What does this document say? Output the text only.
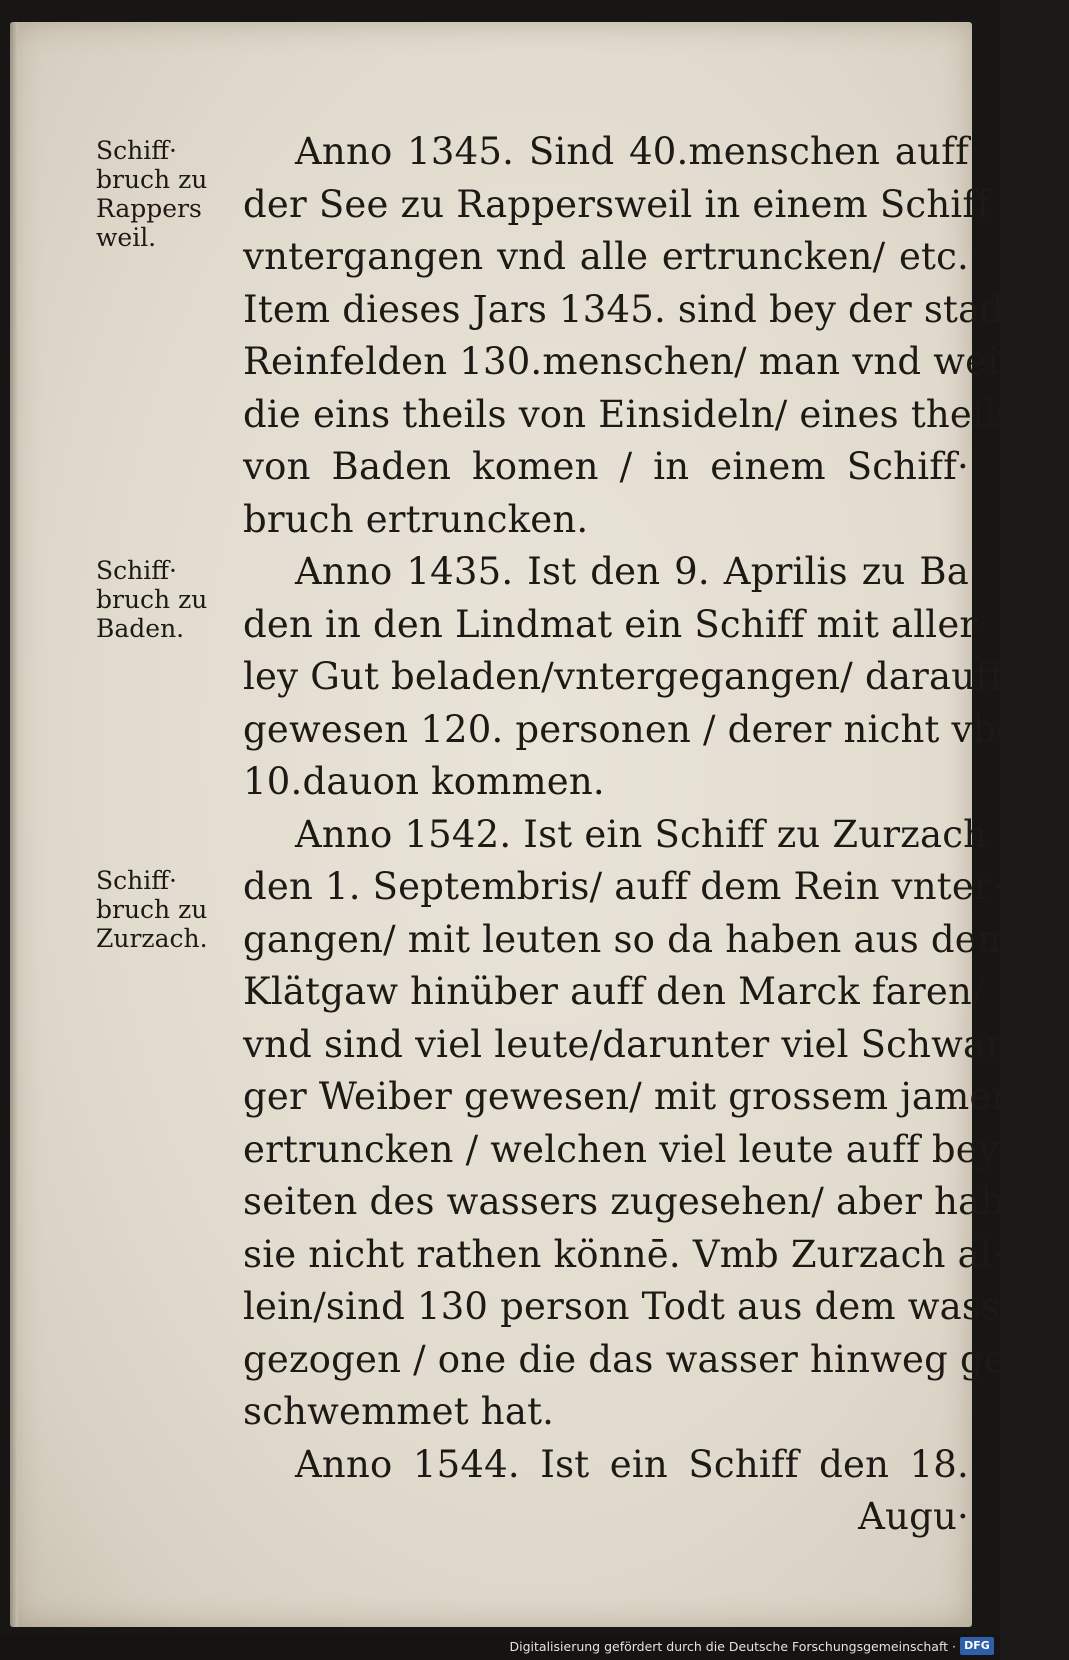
Schiff·
bruch zu
Rappers
weil.
Schiff·
bruch zu
Baden.
Schiff·
bruch zu
Zurzach.
Anno 1345. Sind 40.menschen auff
der See zu Rappersweil in einem Schiff
vntergangen vnd alle ertruncken/ etc.
Item dieses Jars 1345. sind bey der stad
Reinfelden 130.menschen/ man vnd weib
die eins theils von Einsideln/ eines theils
von Baden komen / in einem Schiff·
bruch ertruncken.
Anno 1435. Ist den 9. Aprilis zu Ba
den in den Lindmat ein Schiff mit aller·
ley Gut beladen/vntergegangen/ darauff
gewesen 120. personen / derer nicht vber
10.dauon kommen.
Anno 1542. Ist ein Schiff zu Zurzach
den 1. Septembris/ auff dem Rein vnter·
gangen/ mit leuten so da haben aus dem
Klätgaw hinüber auff den Marck faren/
vnd sind viel leute/darunter viel Schwan
ger Weiber gewesen/ mit grossem jamer
ertruncken / welchen viel leute auff beyden
seiten des wassers zugesehen/ aber haben
sie nicht rathen könnē. Vmb Zurzach al·
lein/sind 130 person Todt aus dem wasser
gezogen / one die das wasser hinweg ge·
schwemmet hat.
Anno 1544. Ist ein Schiff den 18.
Augu·
Digitalisierung gefördert durch die Deutsche Forschungsgemeinschaft · DFG
